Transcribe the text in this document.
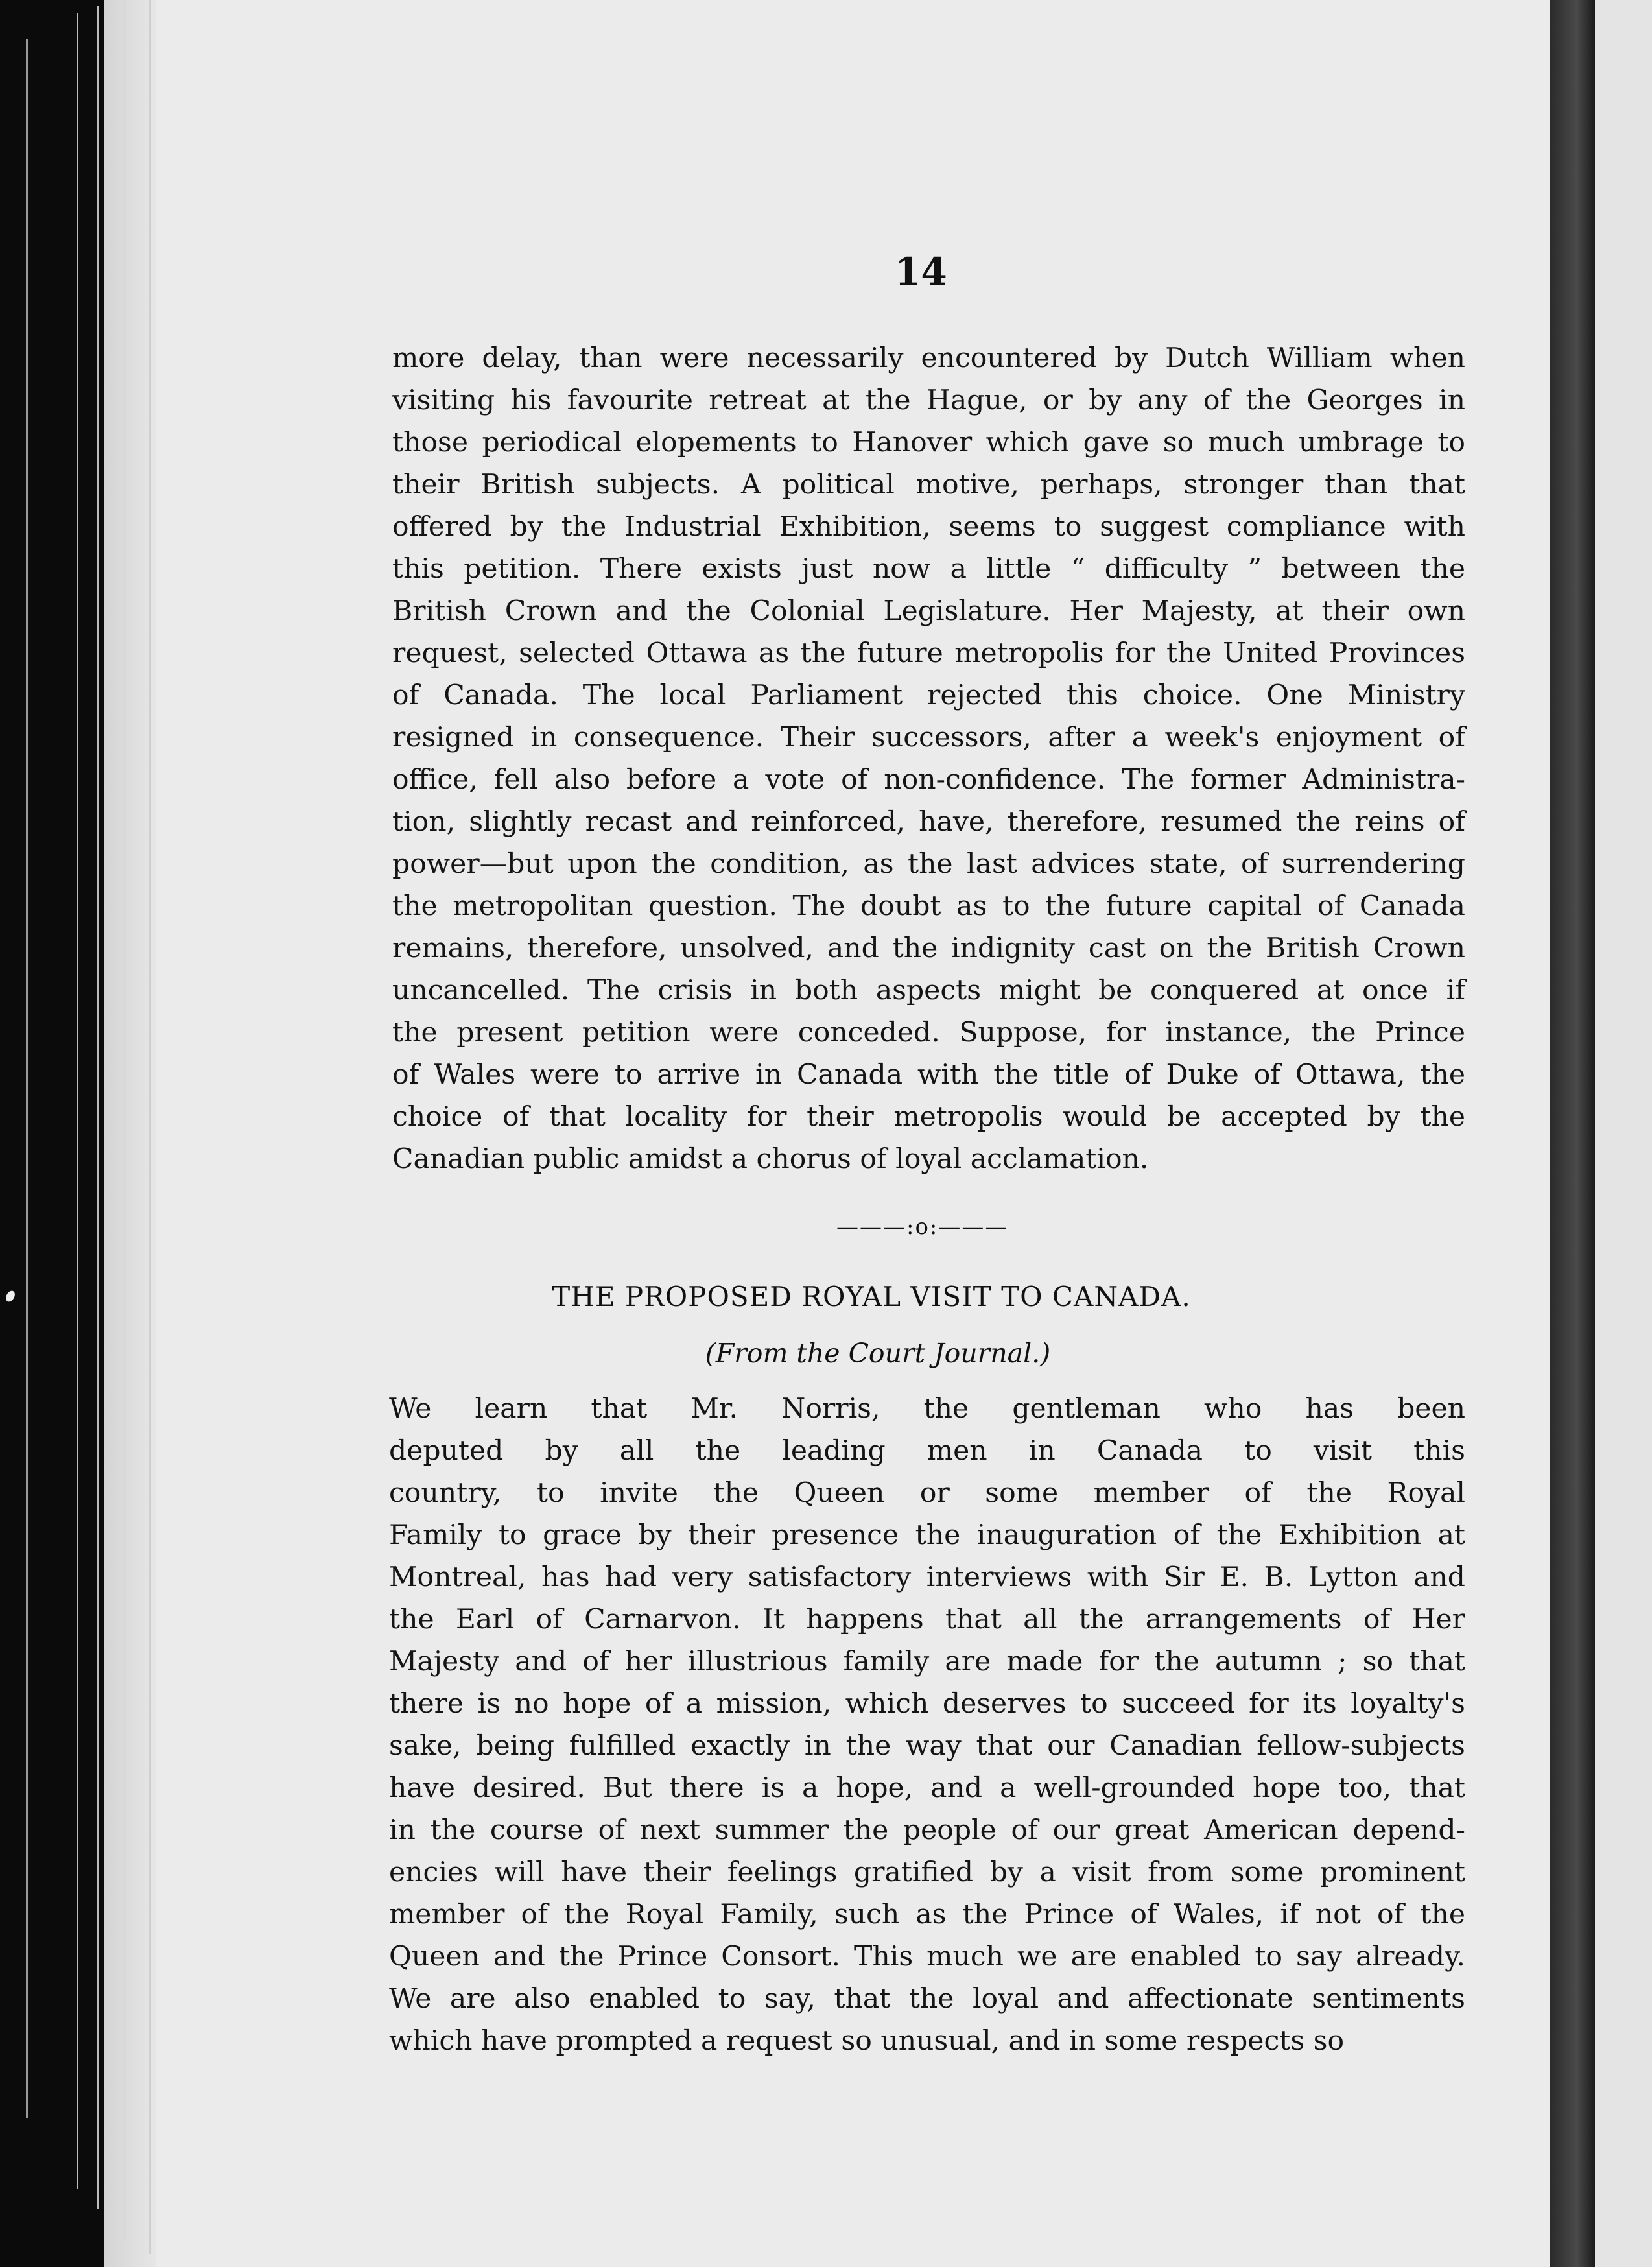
14
more delay, than were necessarily encountered by Dutch William when
visiting his favourite retreat at the Hague, or by any of the Georges in
those periodical elopements to Hanover which gave so much umbrage to
their British subjects. A political motive, perhaps, stronger than that
offered by the Industrial Exhibition, seems to suggest compliance with
this petition. There exists just now a little “ difficulty ” between the
British Crown and the Colonial Legislature. Her Majesty, at their own
request, selected Ottawa as the future metropolis for the United Provinces
of Canada. The local Parliament rejected this choice. One Ministry
resigned in consequence. Their successors, after a week's enjoyment of
office, fell also before a vote of non-confidence. The former Administra-
tion, slightly recast and reinforced, have, therefore, resumed the reins of
power—but upon the condition, as the last advices state, of surrendering
the metropolitan question. The doubt as to the future capital of Canada
remains, therefore, unsolved, and the indignity cast on the British Crown
uncancelled. The crisis in both aspects might be conquered at once if
the present petition were conceded. Suppose, for instance, the Prince
of Wales were to arrive in Canada with the title of Duke of Ottawa, the
choice of that locality for their metropolis would be accepted by the
Canadian public amidst a chorus of loyal acclamation.
———:o:———
THE PROPOSED ROYAL VISIT TO CANADA.
(From the Court Journal.)
We learn that Mr. Norris, the gentleman who has been
deputed by all the leading men in Canada to visit this
country, to invite the Queen or some member of the Royal
Family to grace by their presence the inauguration of the Exhibition at
Montreal, has had very satisfactory interviews with Sir E. B. Lytton and
the Earl of Carnarvon. It happens that all the arrangements of Her
Majesty and of her illustrious family are made for the autumn ; so that
there is no hope of a mission, which deserves to succeed for its loyalty's
sake, being fulfilled exactly in the way that our Canadian fellow-subjects
have desired. But there is a hope, and a well-grounded hope too, that
in the course of next summer the people of our great American depend-
encies will have their feelings gratified by a visit from some prominent
member of the Royal Family, such as the Prince of Wales, if not of the
Queen and the Prince Consort. This much we are enabled to say already.
We are also enabled to say, that the loyal and affectionate sentiments
which have prompted a request so unusual, and in some respects so
